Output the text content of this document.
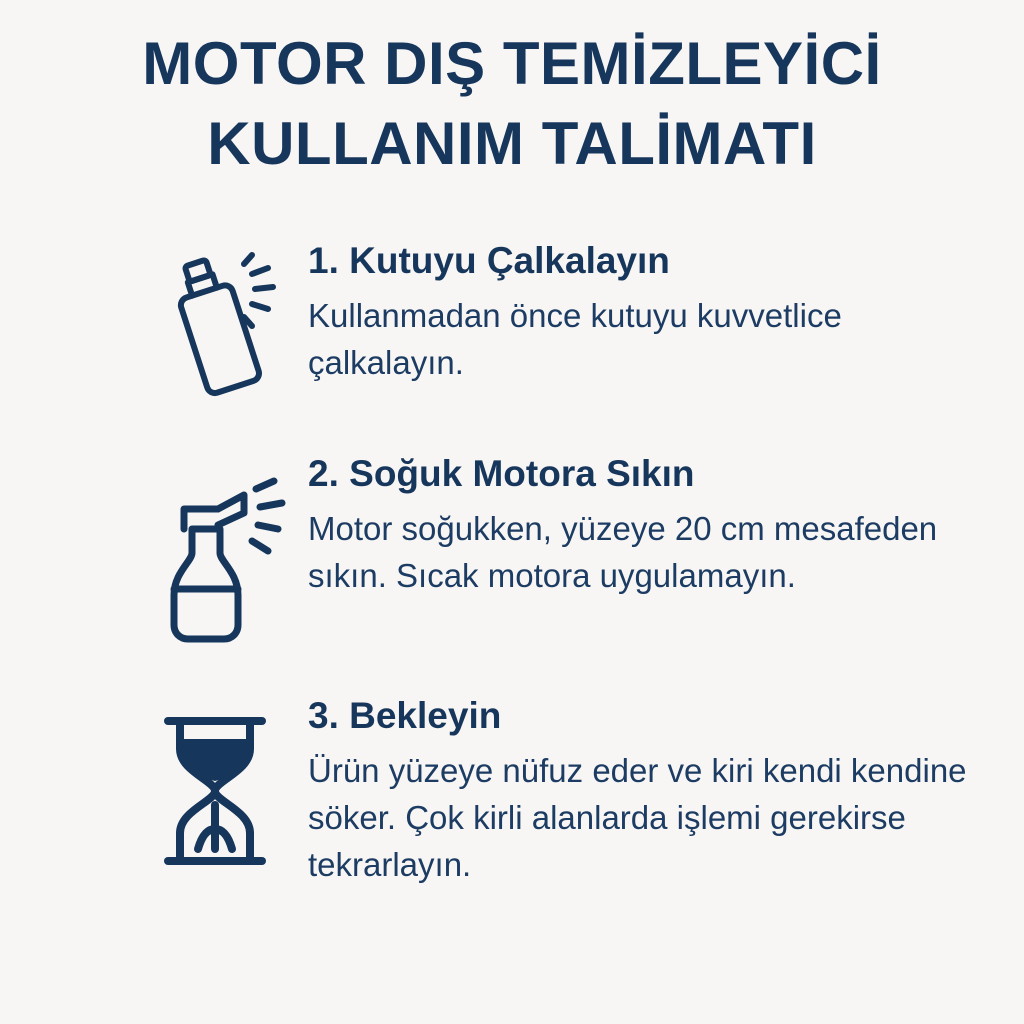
MOTOR DIŞ TEMİZLEYİCİ
KULLANIM TALİMATI

1. Kutuyu Çalkalayın

Kullanmadan önce kutuyu kuvvetlice çalkalayın.

2. Soğuk Motora Sıkın

Motor soğukken, yüzeye 20 cm mesafeden sıkın. Sıcak motora uygulamayın.

3. Bekleyin

Ürün yüzeye nüfuz eder ve kiri kendi kendine söker. Çok kirli alanlarda işlemi gerekirse tekrarlayın.
